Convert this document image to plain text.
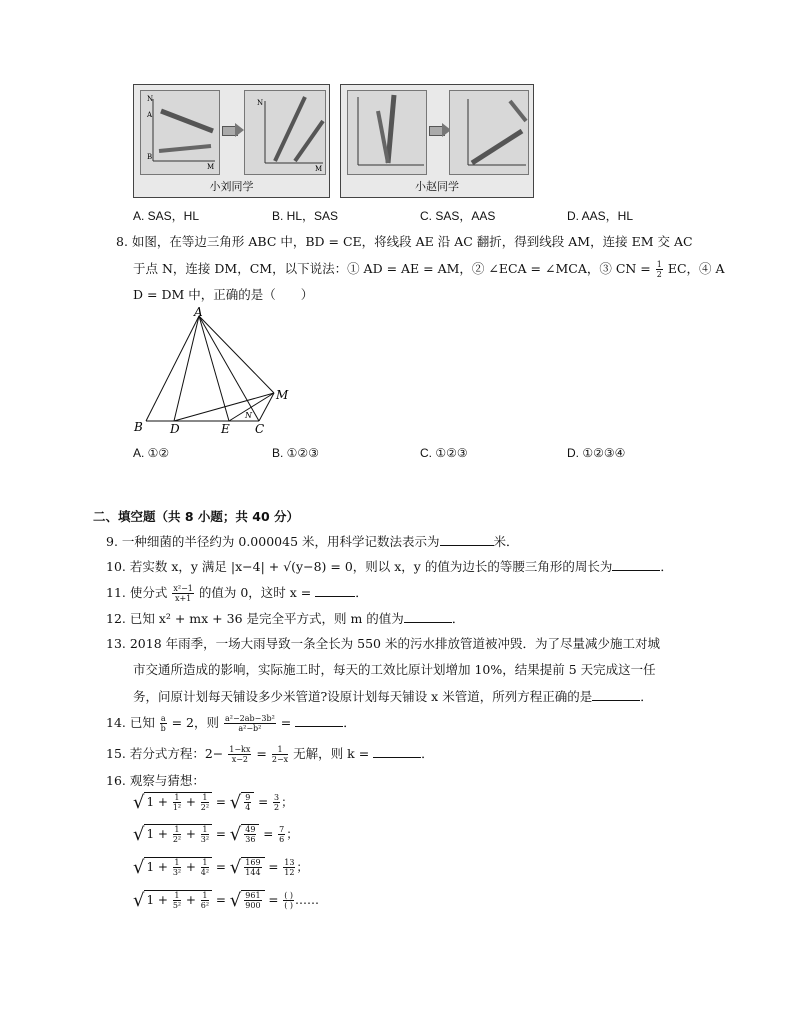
N
A
B
M
N
M
小刘同学	小赵同学
A. SAS，HL	B. HL，SAS	C. SAS，AAS	D. AAS，HL
8. 如图，在等边三角形 ABC 中，BD = CE，将线段 AE 沿 AC 翻折，得到线段 AM，连接 EM 交 AC
于点 N，连接 DM，CM，以下说法：① AD = AE = AM，② ∠ECA = ∠MCA，③ CN = $\frac{1}{2}$ EC，④ A
D = DM 中，正确的是（　　）
A
B D	E C
M
N
A. ①②	B. ①②③	C. ①②③	D. ①②③④
二、填空题（共 8 小题；共 40 分）
9. 一种细菌的半径约为 0.000045 米，用科学记数法表示为	米．
10. 若实数 x，y 满足 |x−4| + √(y−8) = 0，则以 x，y 的值为边长的等腰三角形的周长为	．
11. 使分式 $\frac{\text{x²−1}}{x+1}$ 的值为 0，这时 x =	．
12. 已知 x² + mx + 36 是完全平方式，则 m 的值为	．
13. 2018 年雨季，一场大雨导致一条全长为 550 米的污水排放管道被冲毁．为了尽量减少施工对城
市交通所造成的影响，实际施工时，每天的工效比原计划增加 10%，结果提前 5 天完成这一任
务，问原计划每天铺设多少米管道?设原计划每天铺设 x 米管道，所列方程正确的是	．
14. 已知 $\frac{a}{b} = 2$，则 $\frac{\text{a²−2ab−3b²}}{\text{a²−b²}}$ =	．
15. 若分式方程：$2- \frac{1-kx}{x-2} = \frac{1}{2-x}$ 无解，则 k =	．
16. 观察与猜想：
√ $1 + \frac{1}{\text{1²}} + \frac{1}{\text{2²}}$ = √ $\frac{9}{4} = \frac{3}{2}$ ；
√ $1 + \frac{1}{\text{2²}} + \frac{1}{\text{3²}}$ = √ $\frac{49}{36} = \frac{7}{6}$ ；
√ $1 + \frac{1}{\text{3²}} + \frac{1}{\text{4²}}$ = √ $\frac{169}{144} = \frac{13}{12}$ ；
√ $1 + \frac{1}{\text{5²}} + \frac{1}{\text{6²}}$ = √ $\frac{961}{900} = \frac{( )}{( )}$ ……
